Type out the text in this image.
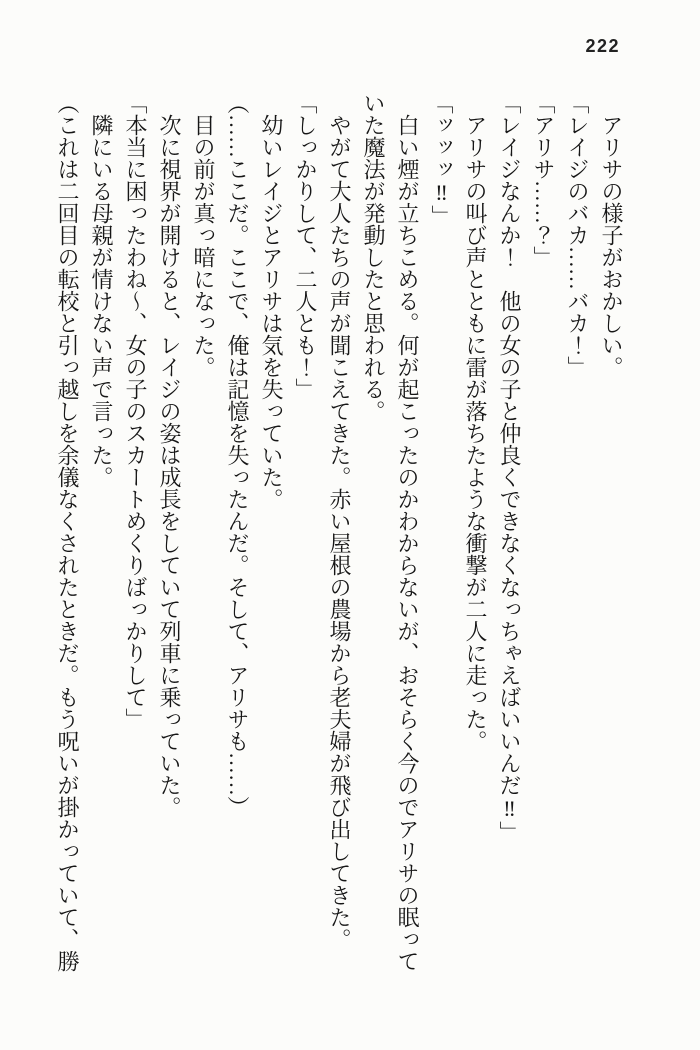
222

アリサの様子がおかしい。

「レイジのバカ……バカ！」

「アリサ……？」

「レイジなんか！　他の女の子と仲良くできなくなっちゃえばいいんだ‼」

アリサの叫び声とともに雷が落ちたような衝撃が二人に走った。

「ッッッ‼」

白い煙が立ちこめる。何が起こったのかわからないが、おそらく今のでアリサの眠っていた魔法が発動したと思われる。

やがて大人たちの声が聞こえてきた。赤い屋根の農場から老夫婦が飛び出してきた。

「しっかりして、二人とも！」

幼いレイジとアリサは気を失っていた。

（……ここだ。ここで、俺は記憶を失ったんだ。そして、アリサも……）

目の前が真っ暗になった。

次に視界が開けると、レイジの姿は成長をしていて列車に乗っていた。

「本当に困ったわね〜、女の子のスカートめくりばっかりして」

隣にいる母親が情けない声で言った。

（これは二回目の転校と引っ越しを余儀なくされたときだ。もう呪いが掛かっていて、勝
